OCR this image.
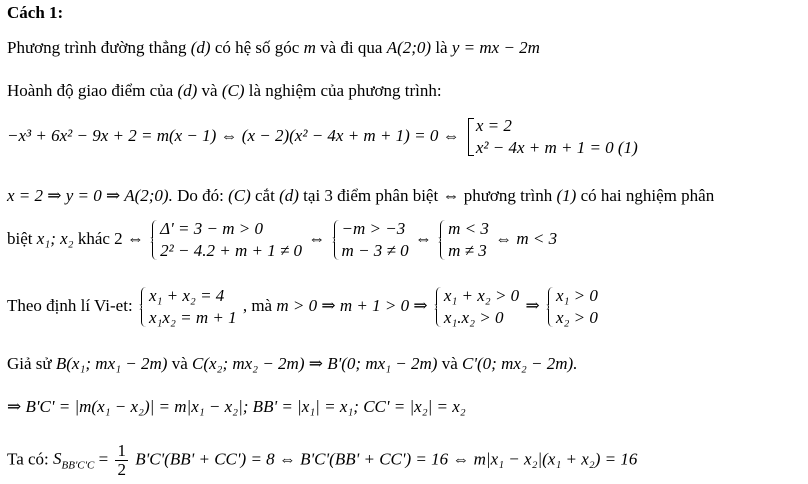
Cách 1:
Phương trình đường thẳng (d) có hệ số góc m và đi qua A(2;0) là y = mx − 2m
Hoành độ giao điểm của (d) và (C) là nghiệm của phương trình:
−x³ + 6x² − 9x + 2 = m(x − 1) ⇔ (x − 2)(x² − 4x + m + 1) = 0 ⇔
x = 2
x² − 4x + m + 1 = 0 (1)
x = 2 ⇒ y = 0 ⇒ A(2;0). Do đó: (C) cắt (d) tại 3 điểm phân biệt ⇔ phương trình (1) có hai nghiệm phân
biệt x₁; x₂ khác 2 ⇔
Δ' = 3 − m > 0
2² − 4.2 + m + 1 ≠ 0
⇔
−m > −3
m − 3 ≠ 0
⇔
m < 3
m ≠ 3
⇔ m < 3
Theo định lí Vi-et:
x₁ + x₂ = 4
x₁x₂ = m + 1
, mà m > 0 ⇒ m + 1 > 0 ⇒
x₁ + x₂ > 0
x₁.x₂ > 0
⇒
x₁ > 0
x₂ > 0
Giả sử B(x₁; mx₁ − 2m) và C(x₂; mx₂ − 2m) ⇒ B'(0; mx₁ − 2m) và C'(0; mx₂ − 2m).
⇒ B'C' = |m(x₁ − x₂)| = m|x₁ − x₂|; BB' = |x₁| = x₁; CC' = |x₂| = x₂
Ta có: $S_{BB'C'C} = \frac{1}{2} B'C'(BB' + CC') = 8$ ⇔ B'C'(BB' + CC') = 16 ⇔ m|x₁ − x₂|(x₁ + x₂) = 16
